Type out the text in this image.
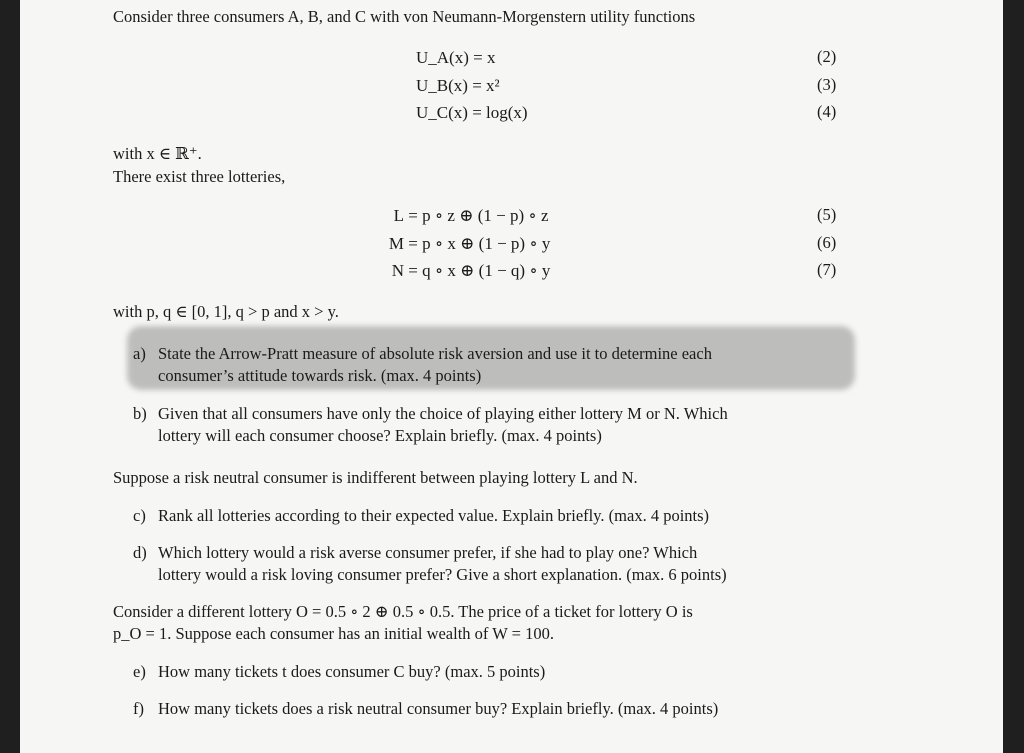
Consider three consumers A, B, and C with von Neumann-Morgenstern utility functions
U_A(x) = x	(2)
U_B(x) = x²	(3)
U_C(x) = log(x)	(4)
with x ∈ ℝ⁺.
There exist three lotteries,
L = p ∘ z ⊕ (1 − p) ∘ z	(5)
M = p ∘ x ⊕ (1 − p) ∘ y	(6)
N = q ∘ x ⊕ (1 − q) ∘ y	(7)
with p, q ∈ [0, 1], q > p and x > y.
a) State the Arrow-Pratt measure of absolute risk aversion and use it to determine each
consumer’s attitude towards risk. (max. 4 points)
b) Given that all consumers have only the choice of playing either lottery M or N. Which
lottery will each consumer choose? Explain briefly. (max. 4 points)
Suppose a risk neutral consumer is indifferent between playing lottery L and N.
c) Rank all lotteries according to their expected value. Explain briefly. (max. 4 points)
d) Which lottery would a risk averse consumer prefer, if she had to play one? Which
lottery would a risk loving consumer prefer? Give a short explanation. (max. 6 points)
Consider a different lottery O = 0.5 ∘ 2 ⊕ 0.5 ∘ 0.5. The price of a ticket for lottery O is
p_O = 1. Suppose each consumer has an initial wealth of W = 100.
e) How many tickets t does consumer C buy? (max. 5 points)
f) How many tickets does a risk neutral consumer buy? Explain briefly. (max. 4 points)
